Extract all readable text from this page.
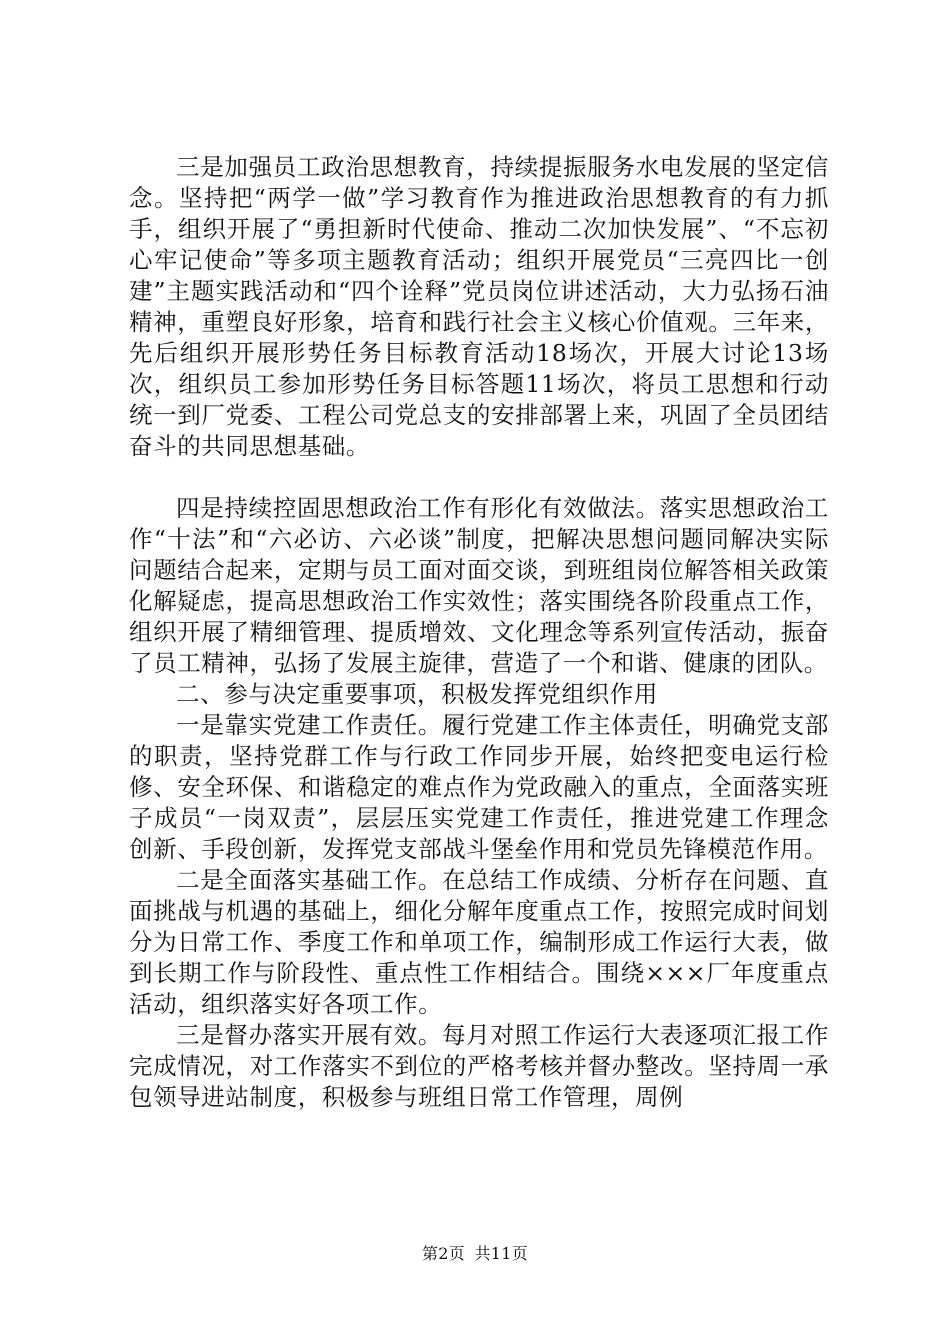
三是加强员工政治思想教育，持续提振服务水电发展的坚定信念。坚持把“两学一做”学习教育作为推进政治思想教育的有力抓手，组织开展了“勇担新时代使命、推动二次加快发展”、“不忘初心牢记使命”等多项主题教育活动；组织开展党员“三亮四比一创建”主题实践活动和“四个诠释”党员岗位讲述活动，大力弘扬石油精神，重塑良好形象，培育和践行社会主义核心价值观。三年来，先后组织开展形势任务目标教育活动18场次，开展大讨论13场次，组织员工参加形势任务目标答题11场次，将员工思想和行动统一到厂党委、工程公司党总支的安排部署上来，巩固了全员团结奋斗的共同思想基础。

四是持续控固思想政治工作有形化有效做法。落实思想政治工作“十法”和“六必访、六必谈”制度，把解决思想问题同解决实际问题结合起来，定期与员工面对面交谈，到班组岗位解答相关政策化解疑虑，提高思想政治工作实效性；落实围绕各阶段重点工作，组织开展了精细管理、提质增效、文化理念等系列宣传活动，振奋了员工精神，弘扬了发展主旋律，营造了一个和谐、健康的团队。

二、参与决定重要事项，积极发挥党组织作用

一是靠实党建工作责任。履行党建工作主体责任，明确党支部的职责，坚持党群工作与行政工作同步开展，始终把变电运行检修、安全环保、和谐稳定的难点作为党政融入的重点，全面落实班子成员“一岗双责”，层层压实党建工作责任，推进党建工作理念创新、手段创新，发挥党支部战斗堡垒作用和党员先锋模范作用。

二是全面落实基础工作。在总结工作成绩、分析存在问题、直面挑战与机遇的基础上，细化分解年度重点工作，按照完成时间划分为日常工作、季度工作和单项工作，编制形成工作运行大表，做到长期工作与阶段性、重点性工作相结合。围绕×××厂年度重点活动，组织落实好各项工作。

三是督办落实开展有效。每月对照工作运行大表逐项汇报工作完成情况，对工作落实不到位的严格考核并督办整改。坚持周一承包领导进站制度，积极参与班组日常工作管理，周例

第2页 共11页
